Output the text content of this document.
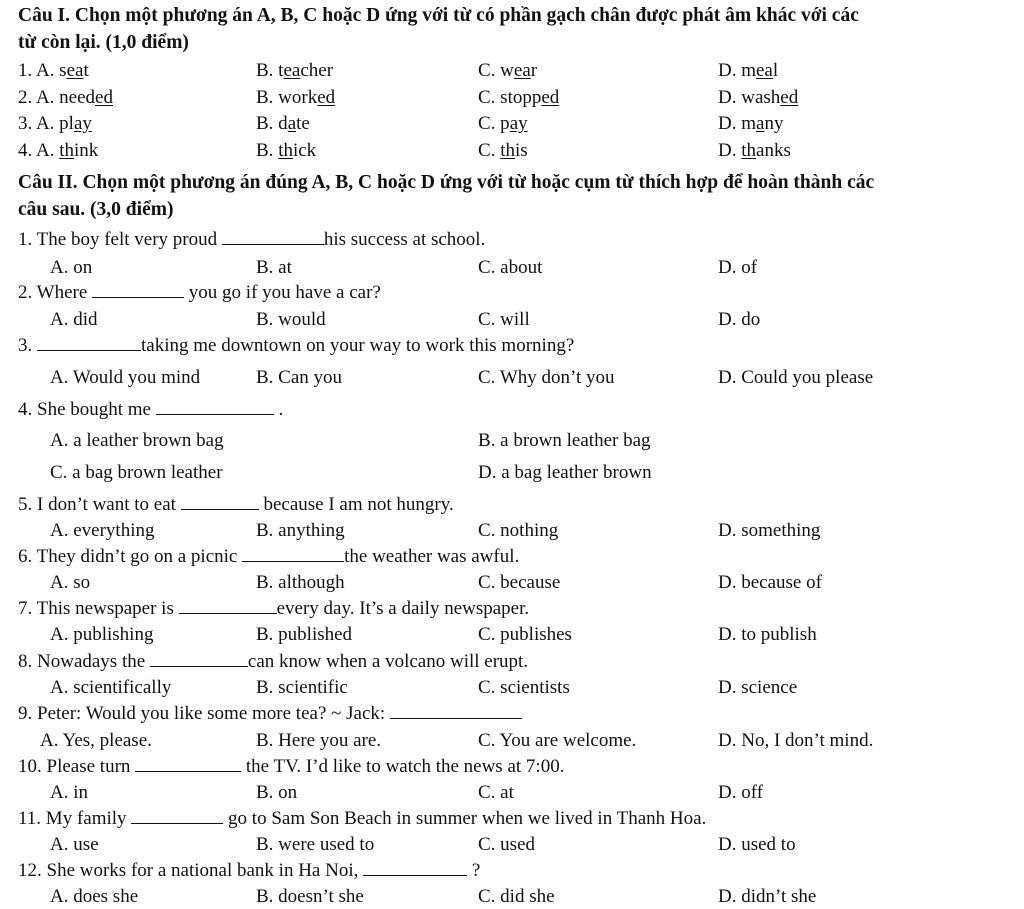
Câu I. Chọn một phương án A, B, C hoặc D ứng với từ có phần gạch chân được phát âm khác với các
từ còn lại. (1,0 điểm)
1. A. seat	B. teacher	C. wear	D. meal
2. A. needed	B. worked	C. stopped	D. washed
3. A. play	B. date	C. pay	D. many
4. A. think	B. thick	C. this	D. thanks
Câu II. Chọn một phương án đúng A, B, C hoặc D ứng với từ hoặc cụm từ thích hợp để hoàn thành các
câu sau. (3,0 điểm)
1. The boy felt very proud	his success at school.
A. on	B. at	C. about	D. of
2. Where	you go if you have a car?
A. did	B. would	C. will	D. do
3.	taking me downtown on your way to work this morning?
A. Would you mind	B. Can you	C. Why don’t you	D. Could you please
4. She bought me	.
A. a leather brown bag	B. a brown leather bag
C. a bag brown leather	D. a bag leather brown
5. I don’t want to eat	because I am not hungry.
A. everything	B. anything	C. nothing	D. something
6. They didn’t go on a picnic	the weather was awful.
A. so	B. although	C. because	D. because of
7. This newspaper is	every day. It’s a daily newspaper.
A. publishing	B. published	C. publishes	D. to publish
8. Nowadays the	can know when a volcano will erupt.
A. scientifically	B. scientific	C. scientists	D. science
9. Peter: Would you like some more tea? ~ Jack:
A. Yes, please.	B. Here you are.	C. You are welcome.	D. No, I don’t mind.
10. Please turn	the TV. I’d like to watch the news at 7:00.
A. in	B. on	C. at	D. off
11. My family	go to Sam Son Beach in summer when we lived in Thanh Hoa.
A. use	B. were used to	C. used	D. used to
12. She works for a national bank in Ha Noi,	?
A. does she	B. doesn’t she	C. did she	D. didn’t she
